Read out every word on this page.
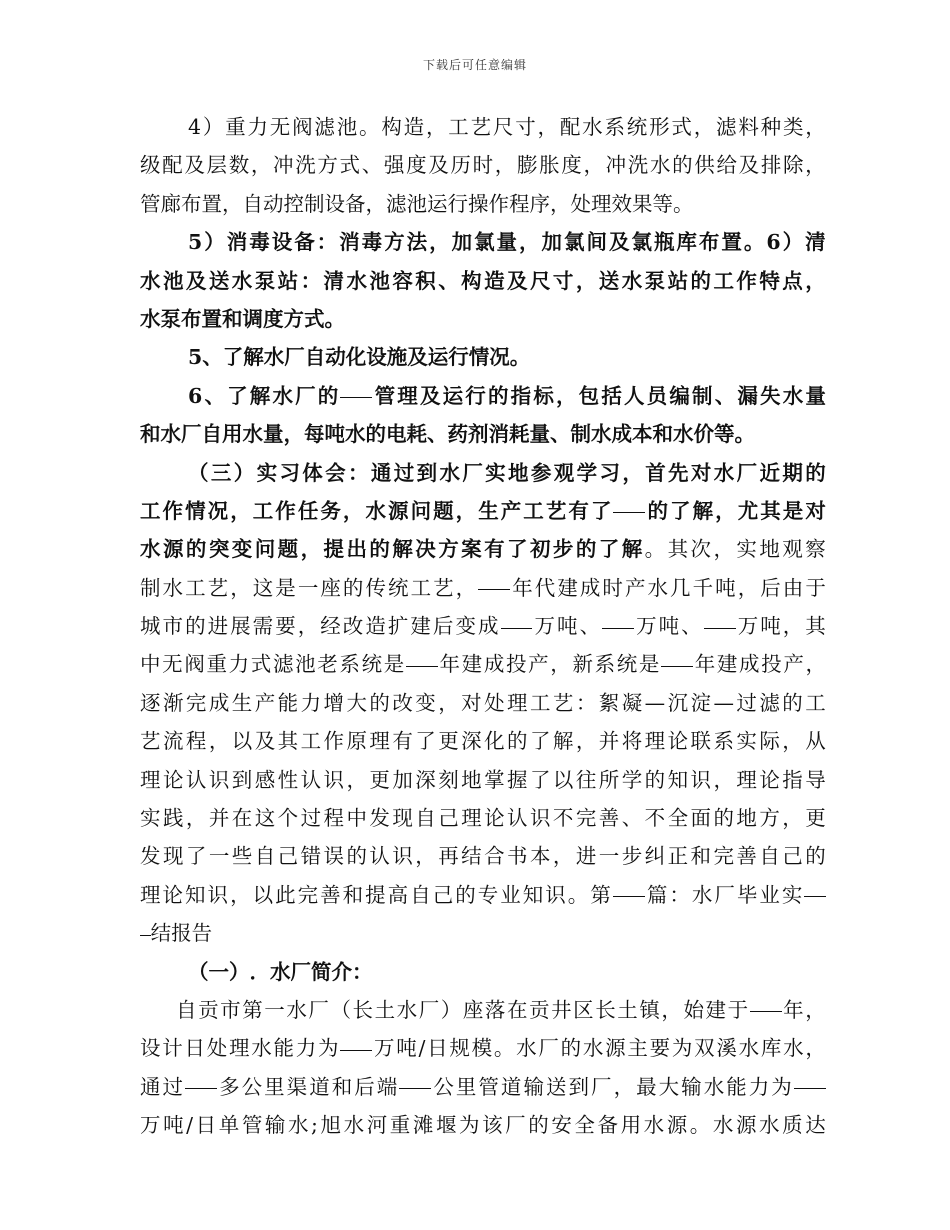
下载后可任意编辑
4 ） 重 力 无 阀 滤 池 。 构 造 ， 工 艺 尺 寸 ， 配 水 系 统 形 式 ， 滤 料 种 类 ，
级 配 及 层 数 ， 冲 洗 方 式 、 强 度 及 历 时 ， 膨 胀 度 ， 冲 洗 水 的 供 给 及 排 除 ，
管 廊 布 置 ， 自 动 控 制 设 备 ， 滤 池 运 行 操 作 程 序 ， 处 理 效 果 等 。
5 ） 消 毒 设 备 ： 消 毒 方 法 ， 加 氯 量 ， 加 氯 间 及 氯 瓶 库 布 置 。 6 ） 清
水 池 及 送 水 泵 站 ： 清 水 池 容 积 、 构 造 及 尺 寸 ， 送 水 泵 站 的 工 作 特 点 ，
水 泵 布 置 和 调 度 方 式 。
5 、 了 解 水 厂 自 动 化 设 施 及 运 行 情 况 。
6 、 了 解 水 厂 的 管 理 及 运 行 的 指 标 ， 包 括 人 员 编 制 、 漏 失 水 量
和 水 厂 自 用 水 量 ， 每 吨 水 的 电 耗 、 药 剂 消 耗 量 、 制 水 成 本 和 水 价 等 。
（ 三 ） 实 习 体 会 ： 通 过 到 水 厂 实 地 参 观 学 习 ， 首 先 对 水 厂 近 期 的
工 作 情 况 ， 工 作 任 务 ， 水 源 问 题 ， 生 产 工 艺 有 了 的 了 解 ， 尤 其 是 对
水 源 的 突 变 问 题 ， 提 出 的 解 决 方 案 有 了 初 步 的 了 解 。 其 次 ， 实 地 观 察
制 水 工 艺 ， 这 是 一 座 的 传 统 工 艺 ， 年 代 建 成 时 产 水 几 千 吨 ， 后 由 于
城 市 的 进 展 需 要 ， 经 改 造 扩 建 后 变 成 万 吨 、 万 吨 、 万 吨 ， 其
中 无 阀 重 力 式 滤 池 老 系 统 是 年 建 成 投 产 ， 新 系 统 是 年 建 成 投 产 ，
逐 渐 完 成 生 产 能 力 增 大 的 改 变 ， 对 处 理 工 艺 ： 絮 凝 — 沉 淀 — 过 滤 的 工
艺 流 程 ， 以 及 其 工 作 原 理 有 了 更 深 化 的 了 解 ， 并 将 理 论 联 系 实 际 ， 从
理 论 认 识 到 感 性 认 识 ， 更 加 深 刻 地 掌 握 了 以 往 所 学 的 知 识 ， 理 论 指 导
实 践 ， 并 在 这 个 过 程 中 发 现 自 己 理 论 认 识 不 完 善 、 不 全 面 的 地 方 ， 更
发 现 了 一 些 自 己 错 误 的 认 识 ， 再 结 合 书 本 ， 进 一 步 纠 正 和 完 善 自 己 的
理 论 知 识 ， 以 此 完 善 和 提 高 自 己 的 专 业 知 识 。 第 篇 ： 水 厂 毕 业 实
结 报 告
（ 一 ） ． 水 厂 简 介 ：
自 贡 市 第 一 水 厂 （ 长 土 水 厂 ） 座 落 在 贡 井 区 长 土 镇 ， 始 建 于 年 ，
设 计 日 处 理 水 能 力 为 万 吨 / 日 规 模 。 水 厂 的 水 源 主 要 为 双 溪 水 库 水 ，
通 过 多 公 里 渠 道 和 后 端 公 里 管 道 输 送 到 厂 ， 最 大 输 水 能 力 为
万 吨 / 日 单 管 输 水 ; 旭 水 河 重 滩 堰 为 该 厂 的 安 全 备 用 水 源 。 水 源 水 质 达
